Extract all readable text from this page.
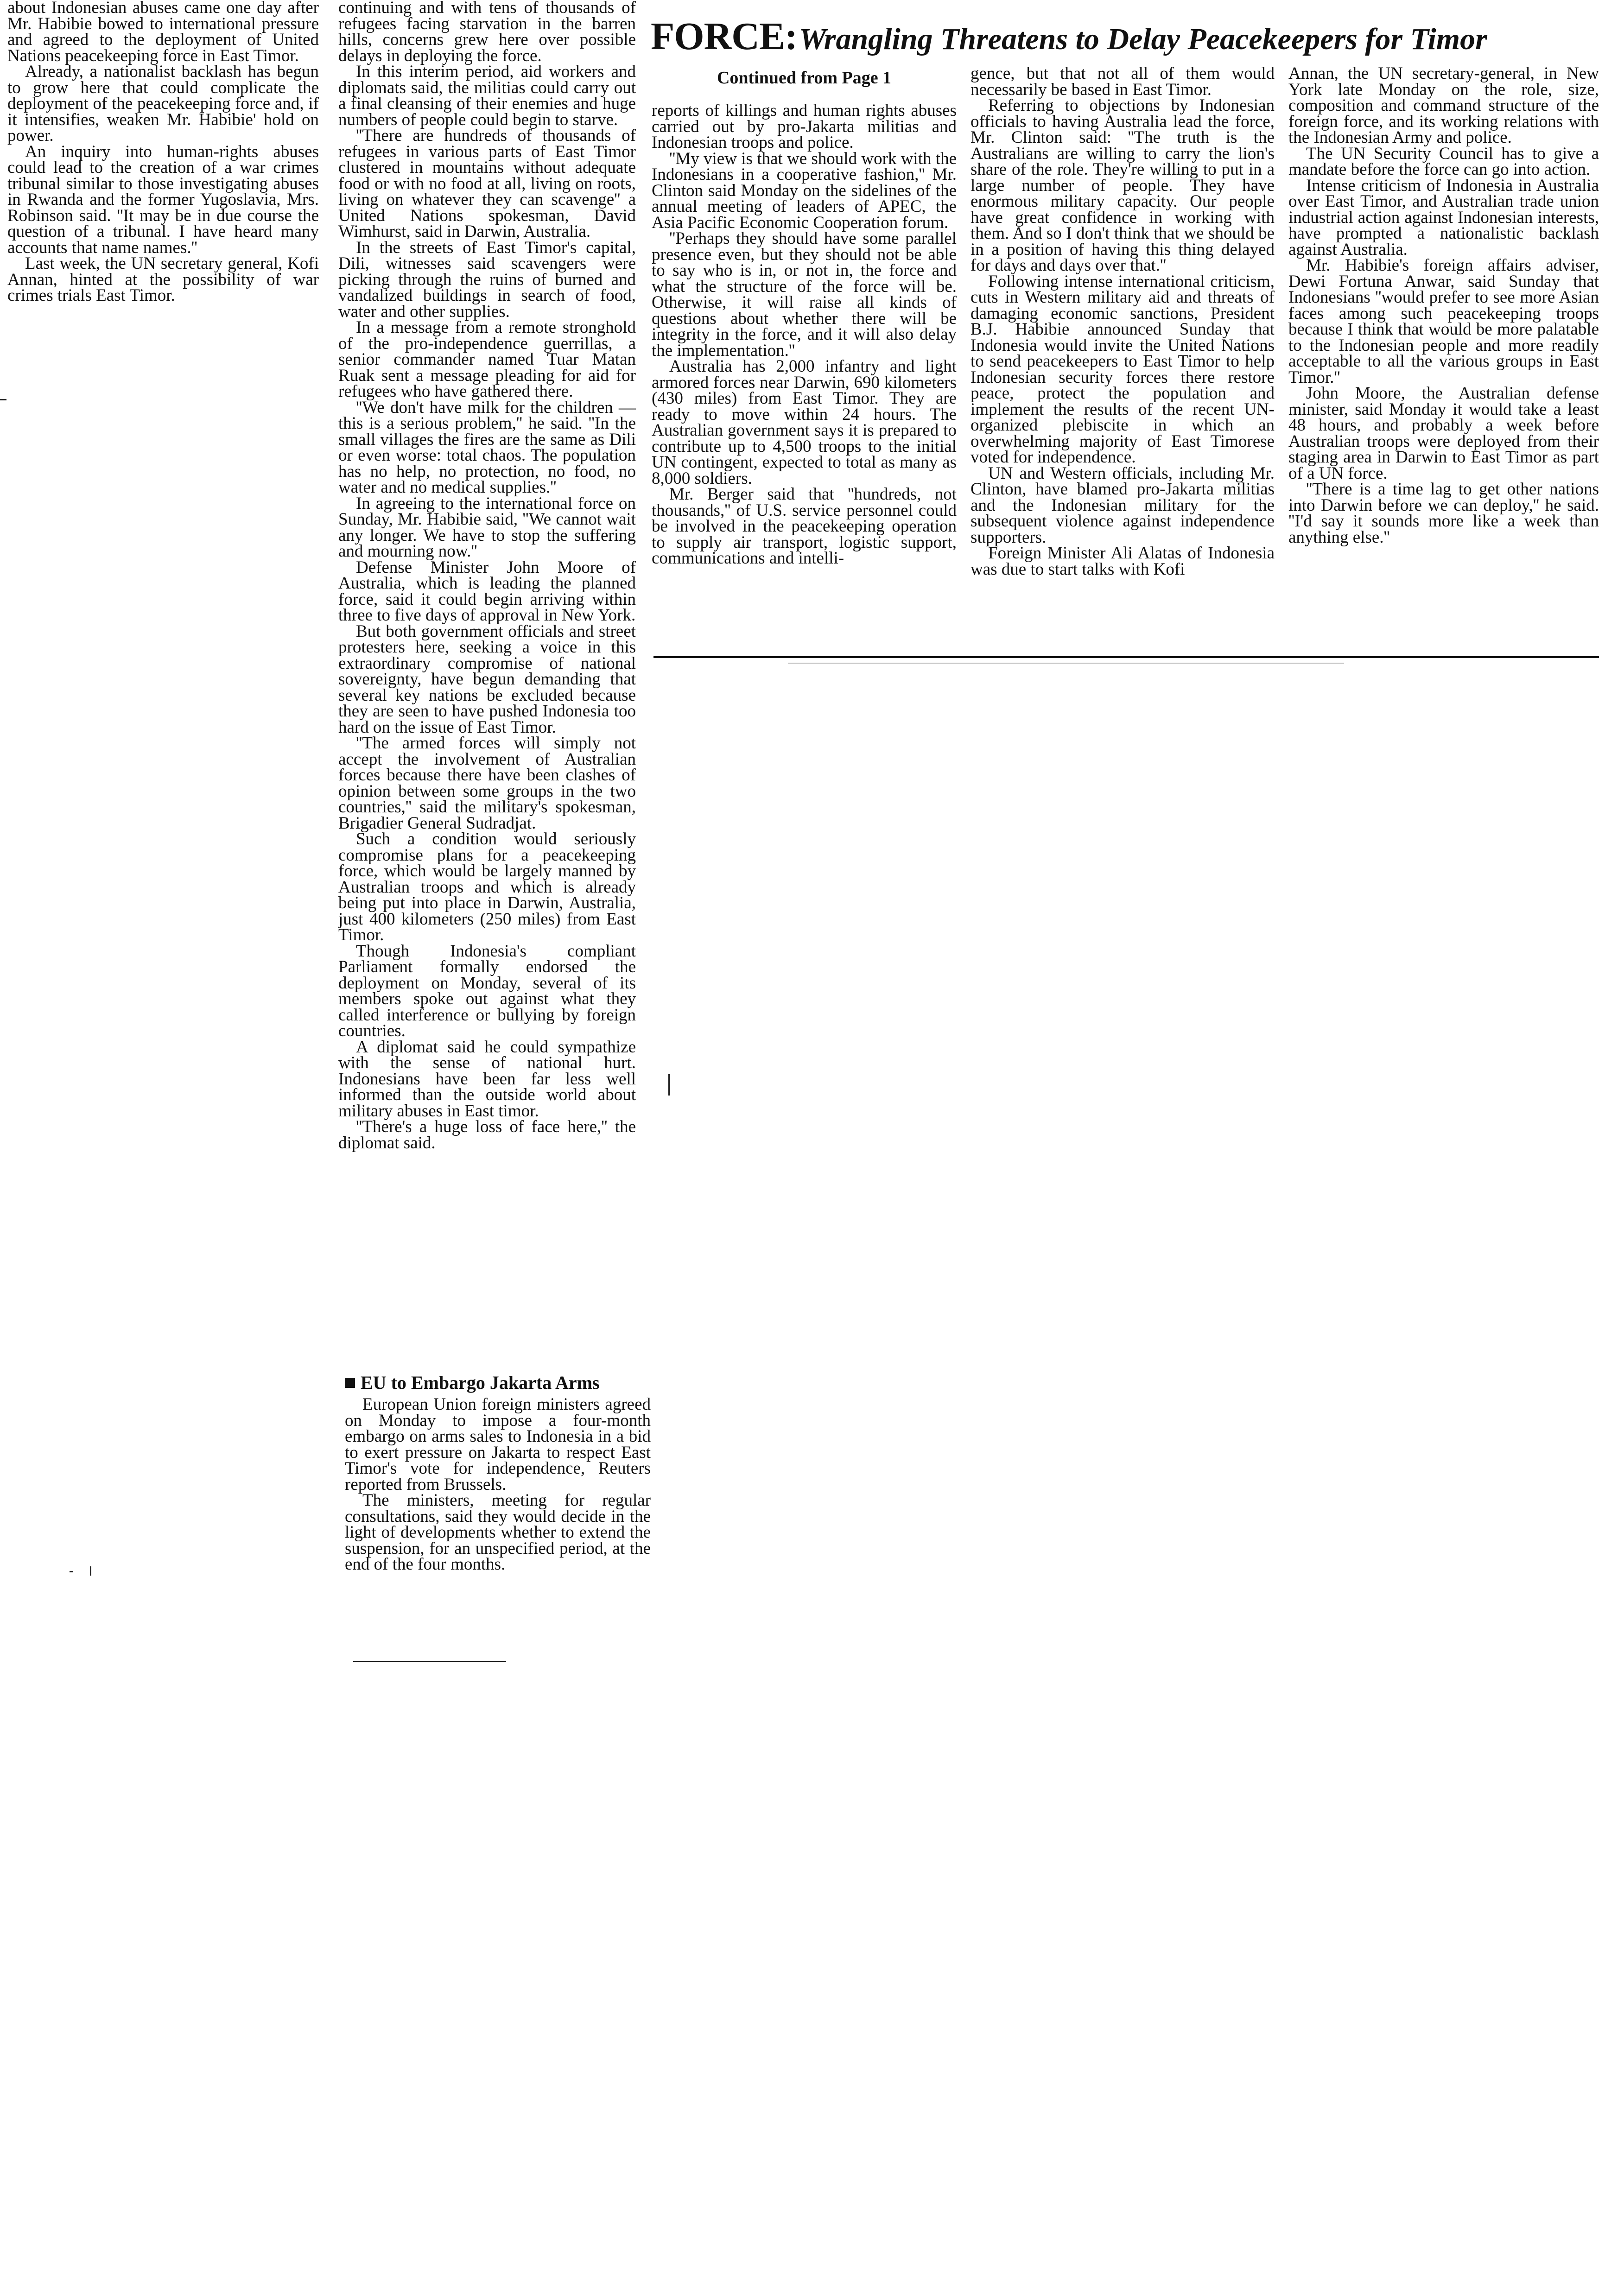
FORCE: Wrangling Threatens to Delay Peacekeepers for Timor
Continued from Page 1

about Indonesian abuses came one day after Mr. Habibie bowed to international pressure and agreed to the deployment of United Nations peacekeeping force in East Timor.

Already, a nationalist backlash has begun to grow here that could complicate the deployment of the peacekeeping force and, if it intensifies, weaken Mr. Habibie' hold on power.

An inquiry into human-rights abuses could lead to the creation of a war crimes tribunal similar to those investigating abuses in Rwanda and the former Yugoslavia, Mrs. Robinson said. ''It may be in due course the question of a tribunal. I have heard many accounts that name names.''

Last week, the UN secretary general, Kofi Annan, hinted at the possibility of war crimes trials East Timor.

continuing and with tens of thousands of refugees facing starvation in the barren hills, concerns grew here over possible delays in deploying the force.

In this interim period, aid workers and diplomats said, the militias could carry out a final cleansing of their enemies and huge numbers of people could begin to starve.

''There are hundreds of thousands of refugees in various parts of East Timor clustered in mountains without adequate food or with no food at all, living on roots, living on whatever they can scavenge'' a United Nations spokesman, David Wimhurst, said in Darwin, Australia.

In the streets of East Timor's capital, Dili, witnesses said scavengers were picking through the ruins of burned and vandalized buildings in search of food, water and other supplies.

In a message from a remote stronghold of the pro-independence guerrillas, a senior commander named Tuar Matan Ruak sent a message pleading for aid for refugees who have gathered there.

''We don't have milk for the children — this is a serious problem,'' he said. ''In the small villages the fires are the same as Dili or even worse: total chaos. The population has no help, no protection, no food, no water and no medical supplies.''

In agreeing to the international force on Sunday, Mr. Habibie said, ''We cannot wait any longer. We have to stop the suffering and mourning now.''

Defense Minister John Moore of Australia, which is leading the planned force, said it could begin arriving within three to five days of approval in New York.

But both government officials and street protesters here, seeking a voice in this extraordinary compromise of national sovereignty, have begun demanding that several key nations be excluded because they are seen to have pushed Indonesia too hard on the issue of East Timor.

''The armed forces will simply not accept the involvement of Australian forces because there have been clashes of opinion between some groups in the two countries,'' said the military's spokesman, Brigadier General Sudradjat.

Such a condition would seriously compromise plans for a peacekeeping force, which would be largely manned by Australian troops and which is already being put into place in Darwin, Australia, just 400 kilometers (250 miles) from East Timor.

Though Indonesia's compliant Parliament formally endorsed the deployment on Monday, several of its members spoke out against what they called interference or bullying by foreign countries.

A diplomat said he could sympathize with the sense of national hurt. Indonesians have been far less well informed than the outside world about military abuses in East timor.

''There's a huge loss of face here,'' the diplomat said.

EU to Embargo Jakarta Arms

European Union foreign ministers agreed on Monday to impose a four-month embargo on arms sales to Indonesia in a bid to exert pressure on Jakarta to respect East Timor's vote for independence, Reuters reported from Brussels.

The ministers, meeting for regular consultations, said they would decide in the light of developments whether to extend the suspension, for an unspecified period, at the end of the four months.

reports of killings and human rights abuses carried out by pro-Jakarta militias and Indonesian troops and police.

''My view is that we should work with the Indonesians in a cooperative fashion,'' Mr. Clinton said Monday on the sidelines of the annual meeting of leaders of APEC, the Asia Pacific Economic Cooperation forum.

''Perhaps they should have some parallel presence even, but they should not be able to say who is in, or not in, the force and what the structure of the force will be. Otherwise, it will raise all kinds of questions about whether there will be integrity in the force, and it will also delay the implementation.''

Australia has 2,000 infantry and light armored forces near Darwin, 690 kilometers (430 miles) from East Timor. They are ready to move within 24 hours. The Australian government says it is prepared to contribute up to 4,500 troops to the initial UN contingent, expected to total as many as 8,000 soldiers.

Mr. Berger said that ''hundreds, not thousands,'' of U.S. service personnel could be involved in the peacekeeping operation to supply air transport, logistic support, communications and intelli-

gence, but that not all of them would necessarily be based in East Timor.

Referring to objections by Indonesian officials to having Australia lead the force, Mr. Clinton said: ''The truth is the Australians are willing to carry the lion's share of the role. They're willing to put in a large number of people. They have enormous military capacity. Our people have great confidence in working with them. And so I don't think that we should be in a position of having this thing delayed for days and days over that.''

Following intense international criticism, cuts in Western military aid and threats of damaging economic sanctions, President B.J. Habibie announced Sunday that Indonesia would invite the United Nations to send peacekeepers to East Timor to help Indonesian security forces there restore peace, protect the population and implement the results of the recent UN-organized plebiscite in which an overwhelming majority of East Timorese voted for independence.

UN and Western officials, including Mr. Clinton, have blamed pro-Jakarta militias and the Indonesian military for the subsequent violence against independence supporters.

Foreign Minister Ali Alatas of Indonesia was due to start talks with Kofi

Annan, the UN secretary-general, in New York late Monday on the role, size, composition and command structure of the foreign force, and its working relations with the Indonesian Army and police.

The UN Security Council has to give a mandate before the force can go into action.

Intense criticism of Indonesia in Australia over East Timor, and Australian trade union industrial action against Indonesian interests, have prompted a nationalistic backlash against Australia.

Mr. Habibie's foreign affairs adviser, Dewi Fortuna Anwar, said Sunday that Indonesians ''would prefer to see more Asian faces among such peacekeeping troops because I think that would be more palatable to the Indonesian people and more readily acceptable to all the various groups in East Timor.''

John Moore, the Australian defense minister, said Monday it would take a least 48 hours, and probably a week before Australian troops were deployed from their staging area in Darwin to East Timor as part of a UN force.

''There is a time lag to get other nations into Darwin before we can deploy,'' he said. ''I'd say it sounds more like a week than anything else.''
